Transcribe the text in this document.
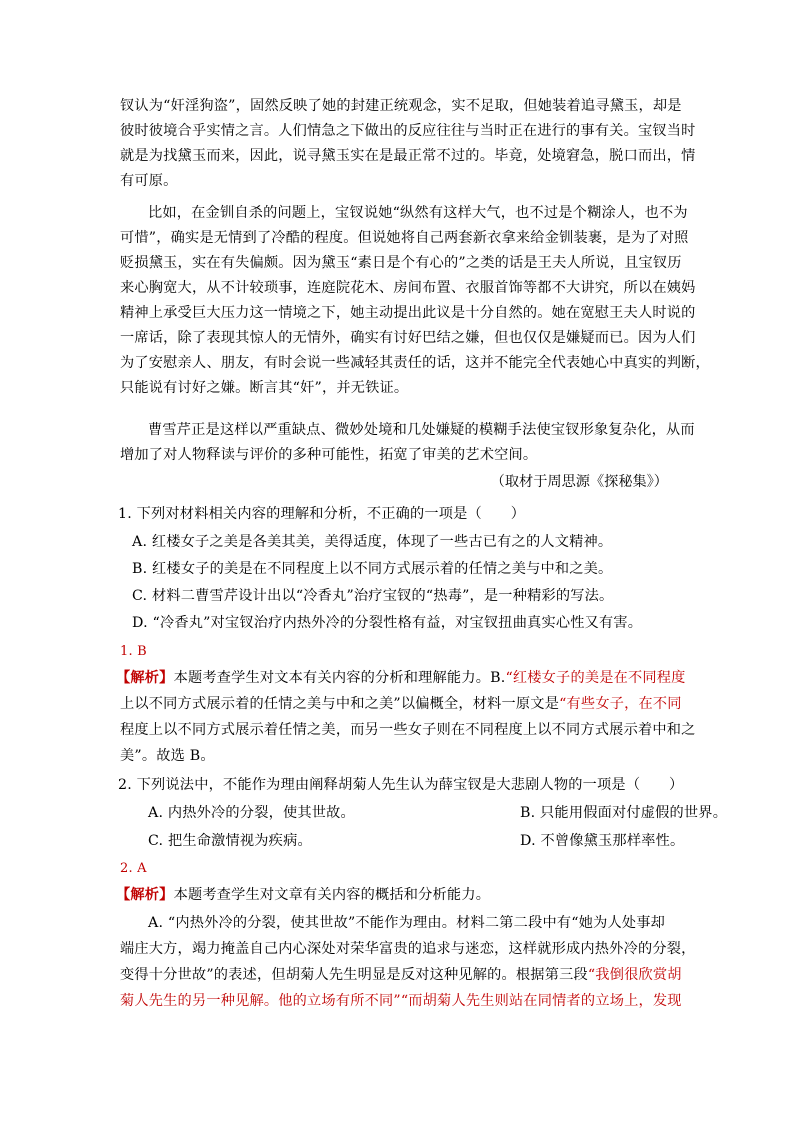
钗认为“奸淫狗盗”，固然反映了她的封建正统观念，实不足取，但她装着追寻黛玉，却是
彼时彼境合乎实情之言。人们情急之下做出的反应往往与当时正在进行的事有关。宝钗当时
就是为找黛玉而来，因此，说寻黛玉实在是最正常不过的。毕竟，处境窘急，脱口而出，情
有可原。
比如，在金钏自杀的问题上，宝钗说她“纵然有这样大气，也不过是个糊涂人，也不为
可惜”，确实是无情到了冷酷的程度。但说她将自己两套新衣拿来给金钏装裹，是为了对照
贬损黛玉，实在有失偏颇。因为黛玉“素日是个有心的”之类的话是王夫人所说，且宝钗历
来心胸宽大，从不计较琐事，连庭院花木、房间布置、衣服首饰等都不大讲究，所以在姨妈
精神上承受巨大压力这一情境之下，她主动提出此议是十分自然的。她在宽慰王夫人时说的
一席话，除了表现其惊人的无情外，确实有讨好巴结之嫌，但也仅仅是嫌疑而已。因为人们
为了安慰亲人、朋友，有时会说一些减轻其责任的话，这并不能完全代表她心中真实的判断，
只能说有讨好之嫌。断言其“奸”，并无铁证。
曹雪芹正是这样以严重缺点、微妙处境和几处嫌疑的模糊手法使宝钗形象复杂化，从而
增加了对人物释读与评价的多种可能性，拓宽了审美的艺术空间。
（取材于周思源《探秘集》）
1. 下列对材料相关内容的理解和分析，不正确的一项是（　　）
A. 红楼女子之美是各美其美，美得适度，体现了一些古已有之的人文精神。
B. 红楼女子的美是在不同程度上以不同方式展示着的任情之美与中和之美。
C. 材料二曹雪芹设计出以“冷香丸”治疗宝钗的“热毒”，是一种精彩的写法。
D. “冷香丸”对宝钗治疗内热外冷的分裂性格有益，对宝钗扭曲真实心性又有害。
1. B
【解析】本题考查学生对文本有关内容的分析和理解能力。B.“红楼女子的美是在不同程度
上以不同方式展示着的任情之美与中和之美”以偏概全，材料一原文是“有些女子，在不同
程度上以不同方式展示着任情之美，而另一些女子则在不同程度上以不同方式展示着中和之
美”。故选 B。
2. 下列说法中，不能作为理由阐释胡菊人先生认为薛宝钗是大悲剧人物的一项是（　　）
A. 内热外冷的分裂，使其世故。	B. 只能用假面对付虚假的世界。
C. 把生命激情视为疾病。	D. 不曾像黛玉那样率性。
2. A
【解析】本题考查学生对文章有关内容的概括和分析能力。
A. “内热外冷的分裂，使其世故”不能作为理由。材料二第二段中有“她为人处事却
端庄大方，竭力掩盖自己内心深处对荣华富贵的追求与迷恋，这样就形成内热外冷的分裂，
变得十分世故”的表述，但胡菊人先生明显是反对这种见解的。根据第三段“我倒很欣赏胡
菊人先生的另一种见解。他的立场有所不同”“而胡菊人先生则站在同情者的立场上，发现
